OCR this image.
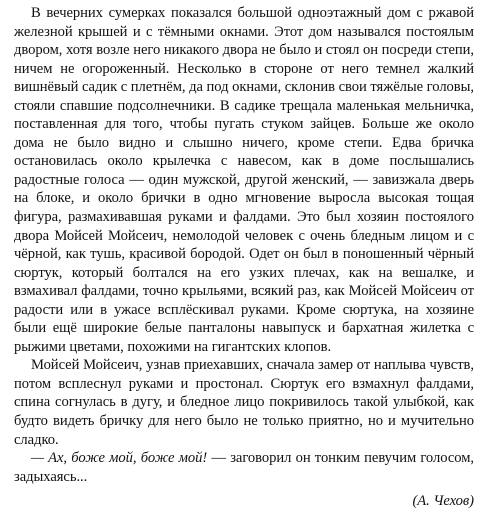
В вечерних сумерках показался большой одноэтажный дом с ржавой железной крышей и с тёмными окнами. Этот дом назывался постоялым двором, хотя возле него никакого двора не было и стоял он посреди степи, ничем не огороженный. Несколько в стороне от него темнел жалкий вишнёвый садик с плетнём, да под окнами, склонив свои тяжёлые головы, стояли спавшие подсолнечники. В садике трещала маленькая мельничка, поставленная для того, чтобы пугать стуком зайцев. Больше же около дома не было видно и слышно ничего, кроме степи. Едва бричка остановилась около крылечка с навесом, как в доме послышались радостные голоса — один мужской, другой женский, — завизжала дверь на блоке, и около брички в одно мгновение выросла высокая тощая фигура, размахивавшая руками и фалдами. Это был хозяин постоялого двора Мойсей Мойсеич, немолодой человек с очень бледным лицом и с чёрной, как тушь, красивой бородой. Одет он был в поношенный чёрный сюртук, который болтался на его узких плечах, как на вешалке, и взмахивал фалдами, точно крыльями, всякий раз, как Мойсей Мойсеич от радости или в ужасе всплёскивал руками. Кроме сюртука, на хозяине были ещё широкие белые панталоны навыпуск и бархатная жилетка с рыжими цветами, похожими на гигантских клопов.

Мойсей Мойсеич, узнав приехавших, сначала замер от наплыва чувств, потом всплеснул руками и простонал. Сюртук его взмахнул фалдами, спина согнулась в дугу, и бледное лицо покривилось такой улыбкой, как будто видеть бричку для него было не только приятно, но и мучительно сладко.

— Ах, боже мой, боже мой! — заговорил он тонким певучим голосом, задыхаясь...

(А. Чехов)
